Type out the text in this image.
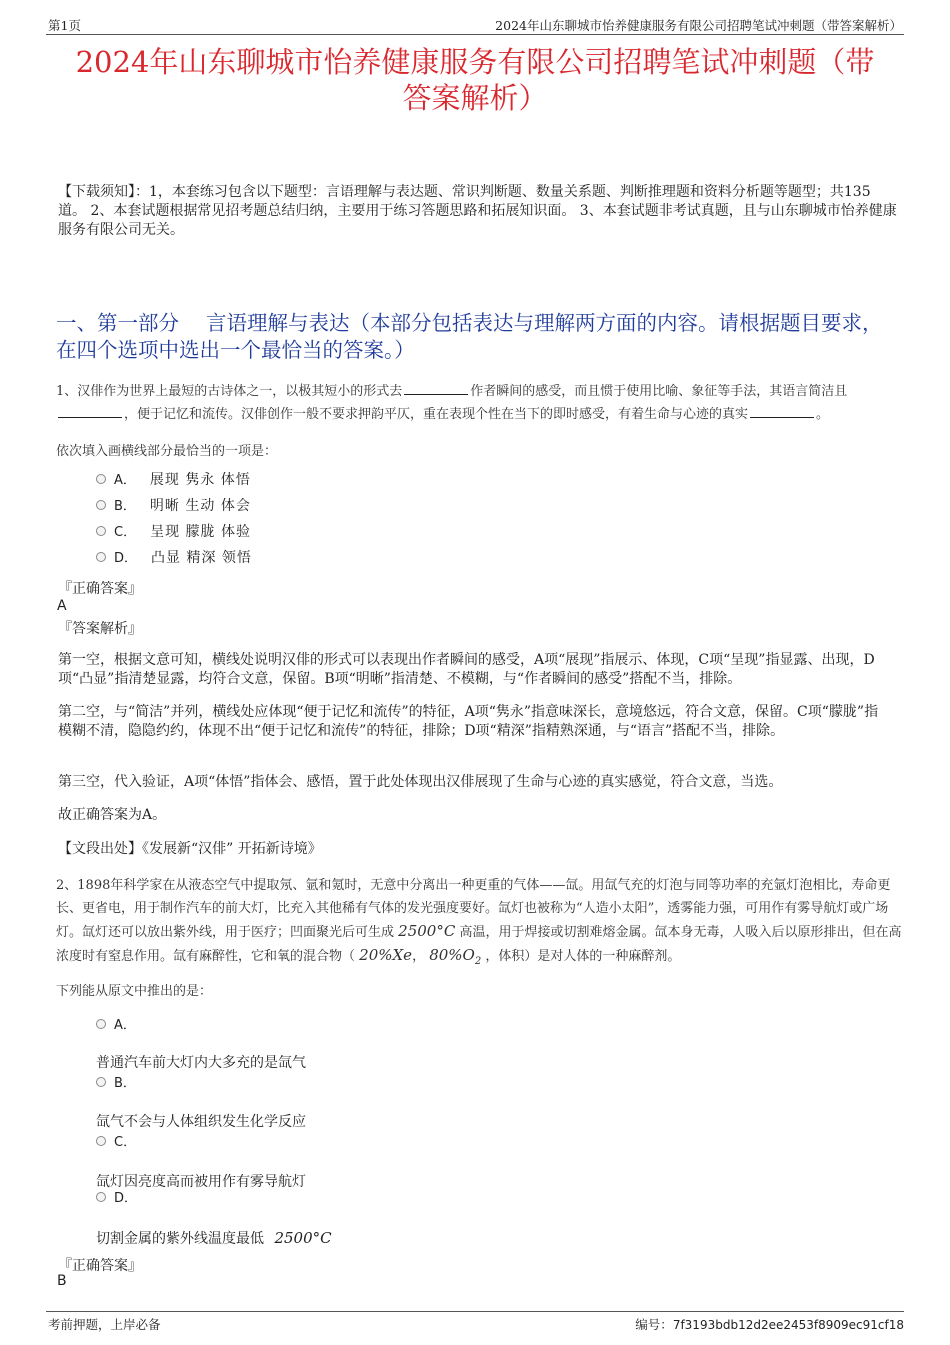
第1页	2024年山东聊城市怡养健康服务有限公司招聘笔试冲刺题（带答案解析）
2024年山东聊城市怡养健康服务有限公司招聘笔试冲刺题（带
答案解析）
【下载须知】：1，本套练习包含以下题型：言语理解与表达题、常识判断题、数量关系题、判断推理题和资料分析题等题型；共135道。 2、本套试题根据常见招考题总结归纳，主要用于练习答题思路和拓展知识面。 3、本套试题非考试真题，且与山东聊城市怡养健康服务有限公司无关。
一、第一部分　 言语理解与表达（本部分包括表达与理解两方面的内容。请根据题目要求，在四个选项中选出一个最恰当的答案。）
1、汉俳作为世界上最短的古诗体之一，以极其短小的形式去	作者瞬间的感受，而且惯于使用比喻、象征等手法，其语言简洁且，便于记忆和流传。汉俳创作一般不要求押韵平仄，重在表现个性在当下的即时感受，有着生命与心迹的真实	。
依次填入画横线部分最恰当的一项是：
A． 展现 隽永 体悟
B． 明晰 生动 体会
C． 呈现 朦胧 体验
D． 凸显 精深 领悟
『正确答案』
A
『答案解析』
第一空，根据文意可知，横线处说明汉俳的形式可以表现出作者瞬间的感受，A项“展现”指展示、体现，C项“呈现”指显露、出现，D项“凸显”指清楚显露，均符合文意，保留。B项“明晰”指清楚、不模糊，与“作者瞬间的感受”搭配不当，排除。
第二空，与“简洁”并列，横线处应体现“便于记忆和流传”的特征，A项“隽永”指意味深长，意境悠远，符合文意，保留。C项“朦胧”指模糊不清，隐隐约约，体现不出“便于记忆和流传”的特征，排除；D项“精深”指精熟深通，与“语言”搭配不当，排除。
第三空，代入验证，A项“体悟”指体会、感悟，置于此处体现出汉俳展现了生命与心迹的真实感觉，符合文意，当选。
故正确答案为A。
【文段出处】《发展新“汉俳” 开拓新诗境》
2、1898年科学家在从液态空气中提取氖、氩和氪时，无意中分离出一种更重的气体——氙。用氙气充的灯泡与同等功率的充氩灯泡相比，寿命更长、更省电，用于制作汽车的前大灯，比充入其他稀有气体的发光强度要好。氙灯也被称为“人造小太阳”，透雾能力强，可用作有雾导航灯或广场灯。氙灯还可以放出紫外线，用于医疗；凹面聚光后可生成 2500°C 高温，用于焊接或切割难熔金属。氙本身无毒，人吸入后以原形排出，但在高浓度时有窒息作用。氙有麻醉性，它和氧的混合物（ 20%Xe， $80\%O_2$ ，体积）是对人体的一种麻醉剂。
下列能从原文中推出的是：
A．
普通汽车前大灯内大多充的是氙气
B．
氙气不会与人体组织发生化学反应
C．
氙灯因亮度高而被用作有雾导航灯
D．
切割金属的紫外线温度最低 2500°C
『正确答案』
B
考前押题，上岸必备	编号：7f3193bdb12d2ee2453f8909ec91cf18
